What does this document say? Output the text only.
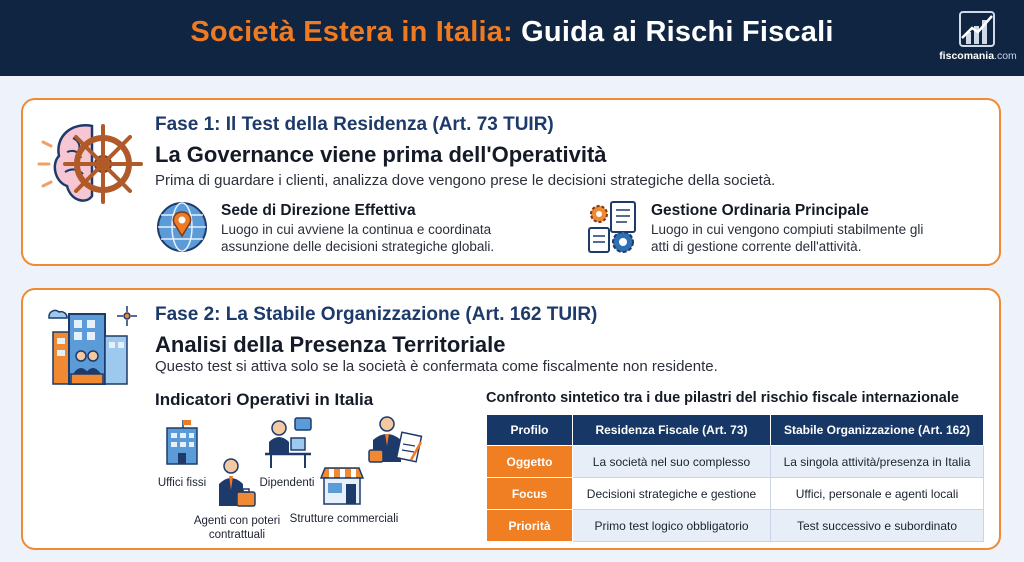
Società Estera in Italia: Guida ai Rischi Fiscali
fiscomania.com
Fase 1: Il Test della Residenza (Art. 73 TUIR)
La Governance viene prima dell'Operatività
Prima di guardare i clienti, analizza dove vengono prese le decisioni strategiche della società.
Sede di Direzione Effettiva
Luogo in cui avviene la continua e coordinata
assunzione delle decisioni strategiche globali.
Gestione Ordinaria Principale
Luogo in cui vengono compiuti stabilmente gli
atti di gestione corrente dell'attività.
Fase 2: La Stabile Organizzazione (Art. 162 TUIR)
Analisi della Presenza Territoriale
Questo test si attiva solo se la società è confermata come fiscalmente non residente.
Indicatori Operativi in Italia
Uffici fissi
Agenti con poteri
contrattuali
Dipendenti
Strutture commerciali
Confronto sintetico tra i due pilastri del rischio fiscale internazionale
Profilo	Residenza Fiscale (Art. 73)	Stabile Organizzazione (Art. 162)
Oggetto	La società nel suo complesso	La singola attività/presenza in Italia
Focus	Decisioni strategiche e gestione	Uffici, personale e agenti locali
Priorità	Primo test logico obbligatorio	Test successivo e subordinato
